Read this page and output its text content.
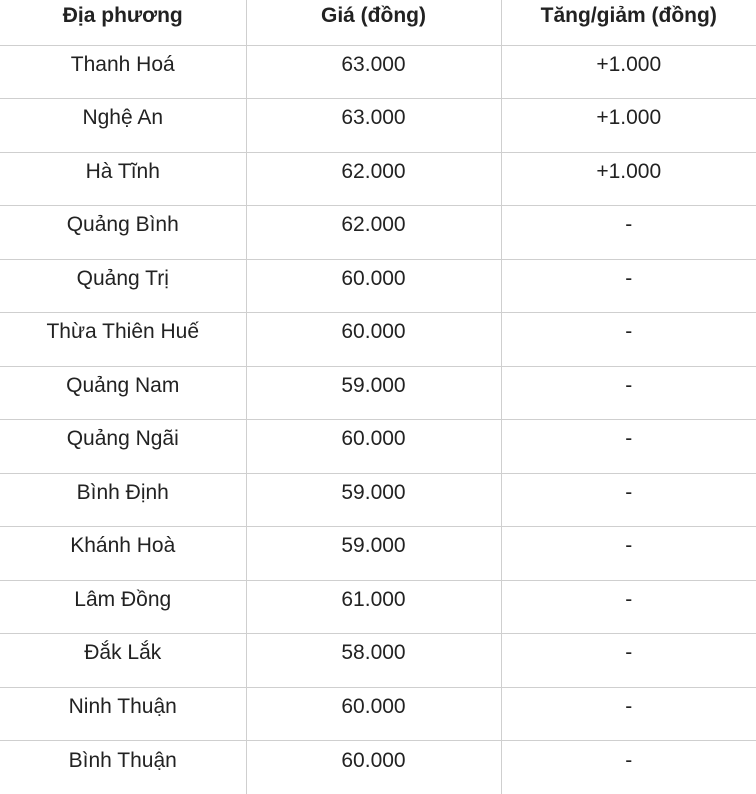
Địa phương	Giá (đồng)	Tăng/giảm (đồng)
Thanh Hoá	63.000	+1.000
Nghệ An	63.000	+1.000
Hà Tĩnh	62.000	+1.000
Quảng Bình	62.000	-
Quảng Trị	60.000	-
Thừa Thiên Huế	60.000	-
Quảng Nam	59.000	-
Quảng Ngãi	60.000	-
Bình Định	59.000	-
Khánh Hoà	59.000	-
Lâm Đồng	61.000	-
Đắk Lắk	58.000	-
Ninh Thuận	60.000	-
Bình Thuận	60.000	-
